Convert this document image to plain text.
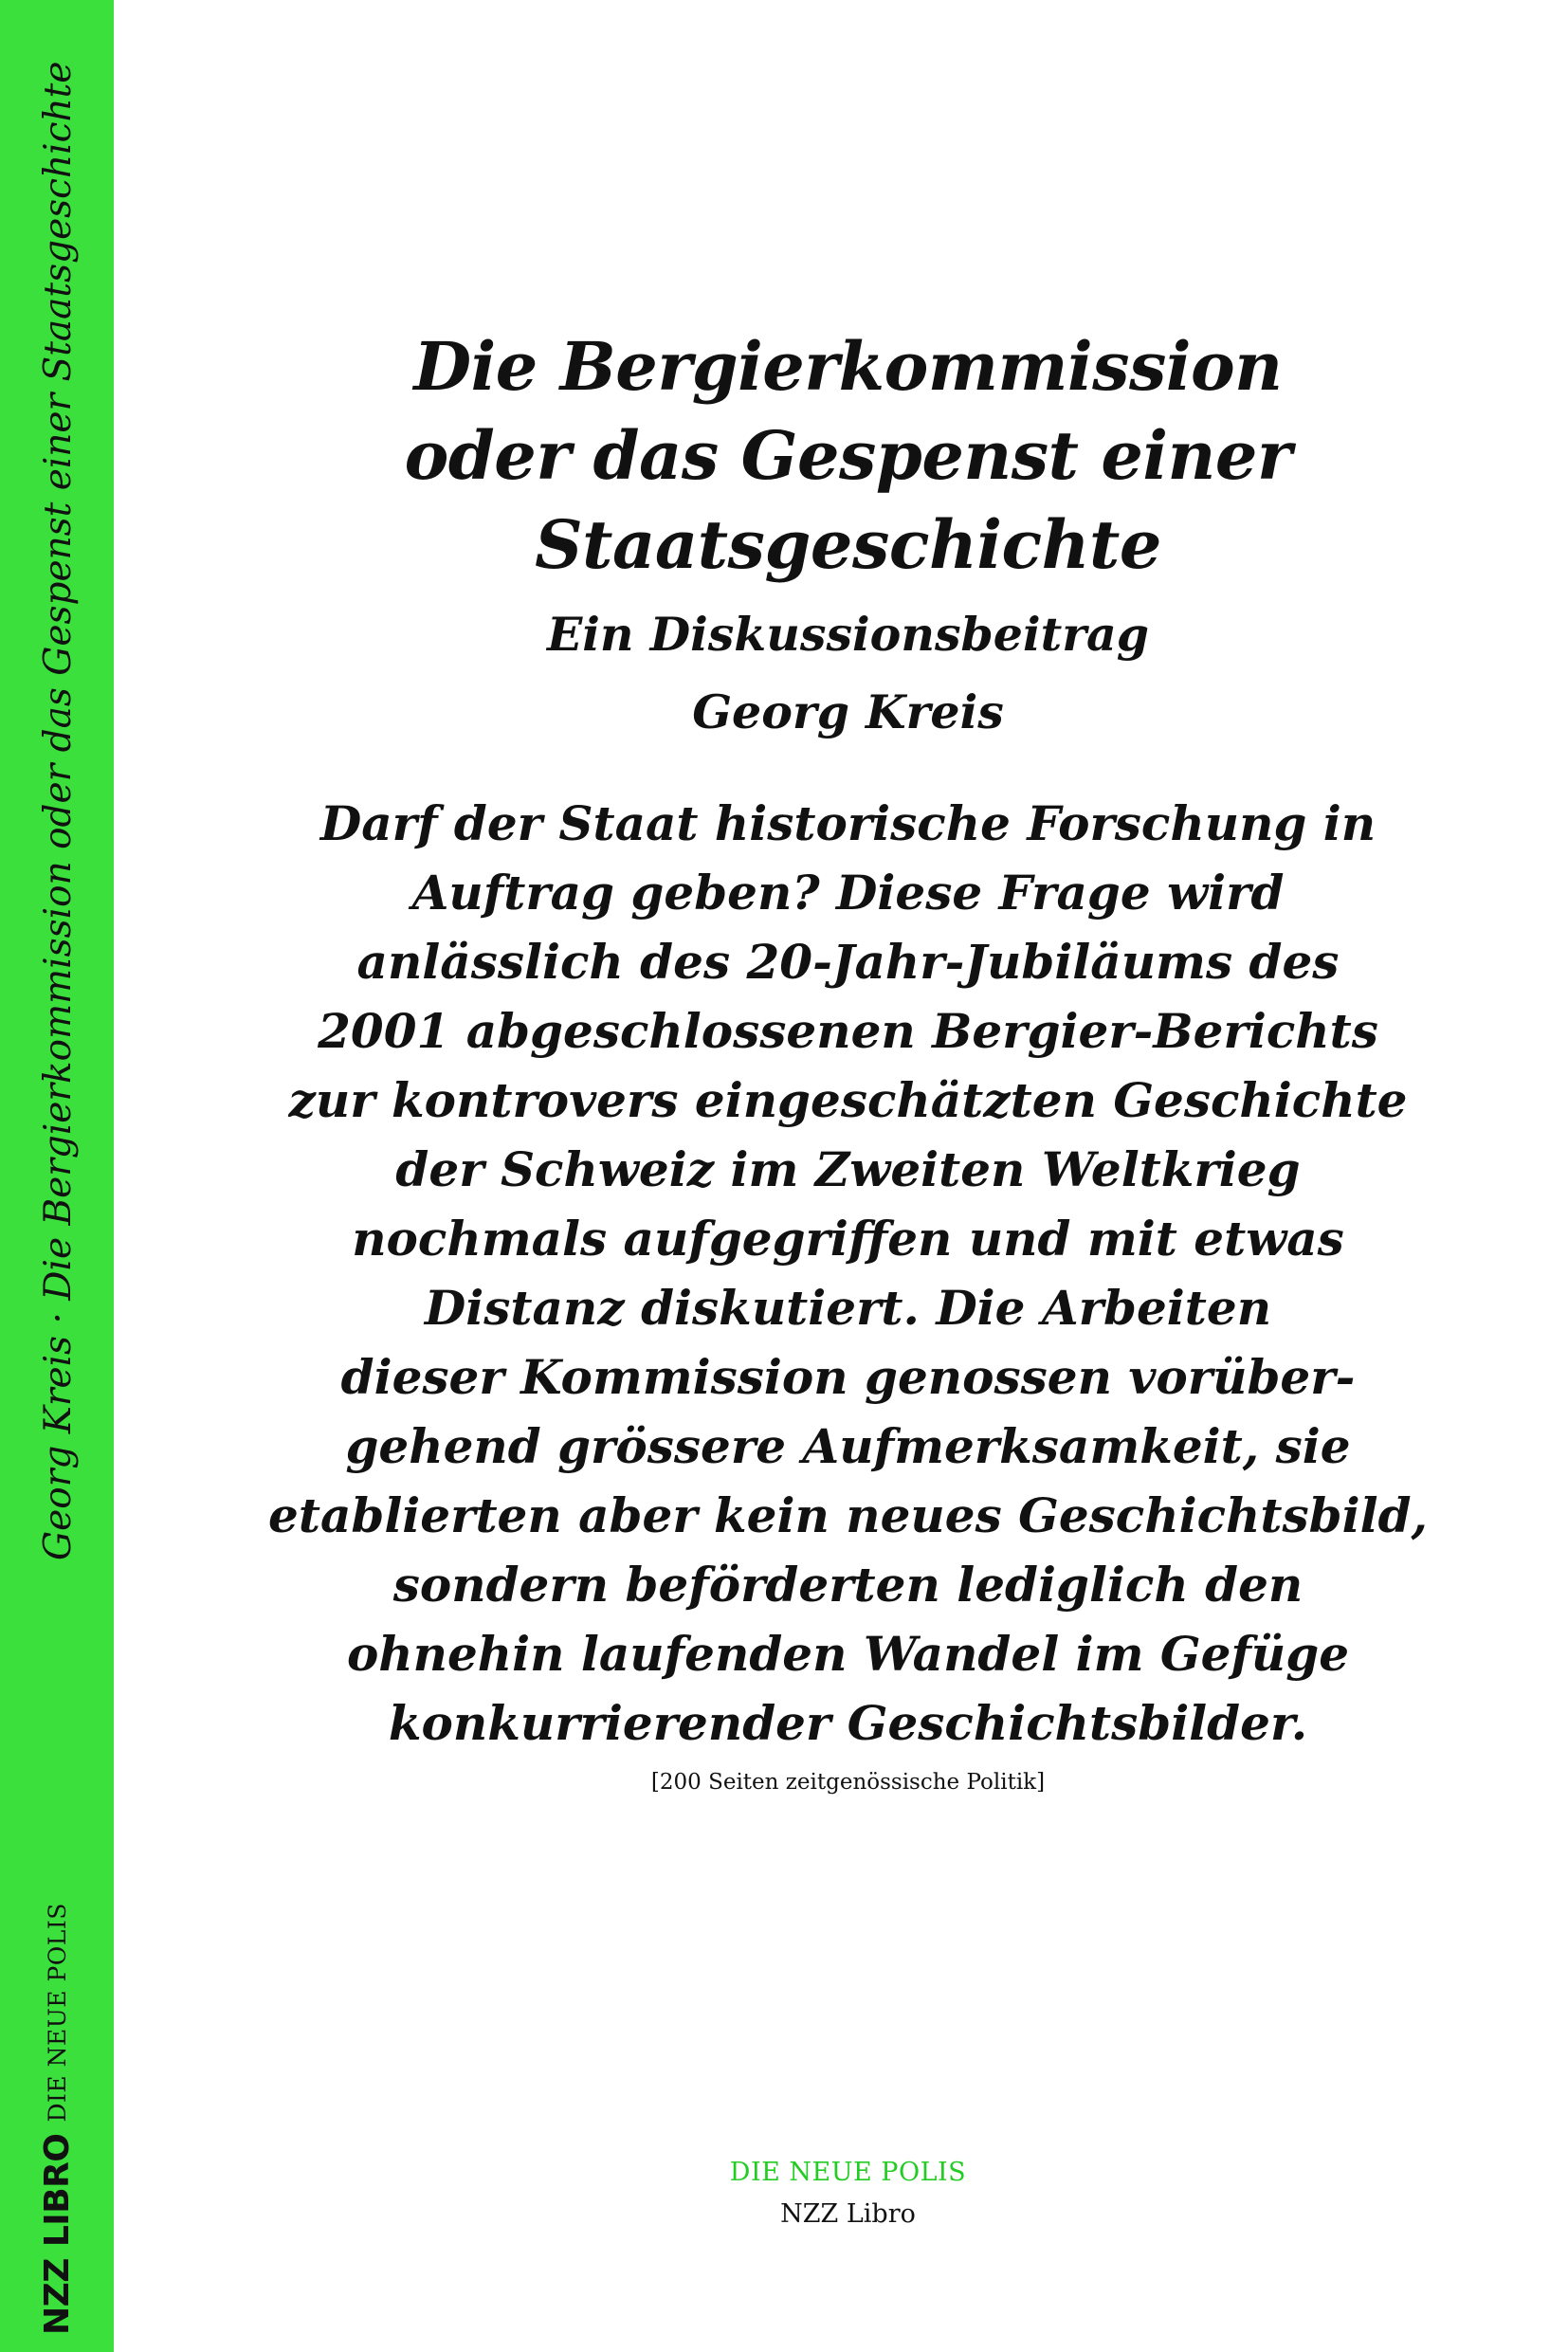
NZZ LIBRO
DIE NEUE POLIS
Georg Kreis · Die Bergierkommission oder das Gespenst einer Staatsgeschichte	Die Bergierkommission
oder das Gespenst einer
Staatsgeschichte
Ein Diskussionsbeitrag
Georg Kreis
Darf der Staat historische Forschung in
Auftrag geben? Diese Frage wird
anlässlich des 20-Jahr-Jubiläums des
2001 abgeschlossenen Bergier-Berichts
zur kontrovers eingeschätzten Geschichte
der Schweiz im Zweiten Weltkrieg
nochmals aufgegriffen und mit etwas
Distanz diskutiert. Die Arbeiten
dieser Kommission genossen vorüber-
gehend grössere Aufmerksamkeit, sie
etablierten aber kein neues Geschichtsbild,
sondern beförderten lediglich den
ohnehin laufenden Wandel im Gefüge
konkurrierender Geschichtsbilder.
[200 Seiten zeitgenössische Politik]
DIE NEUE POLIS
NZZ Libro
